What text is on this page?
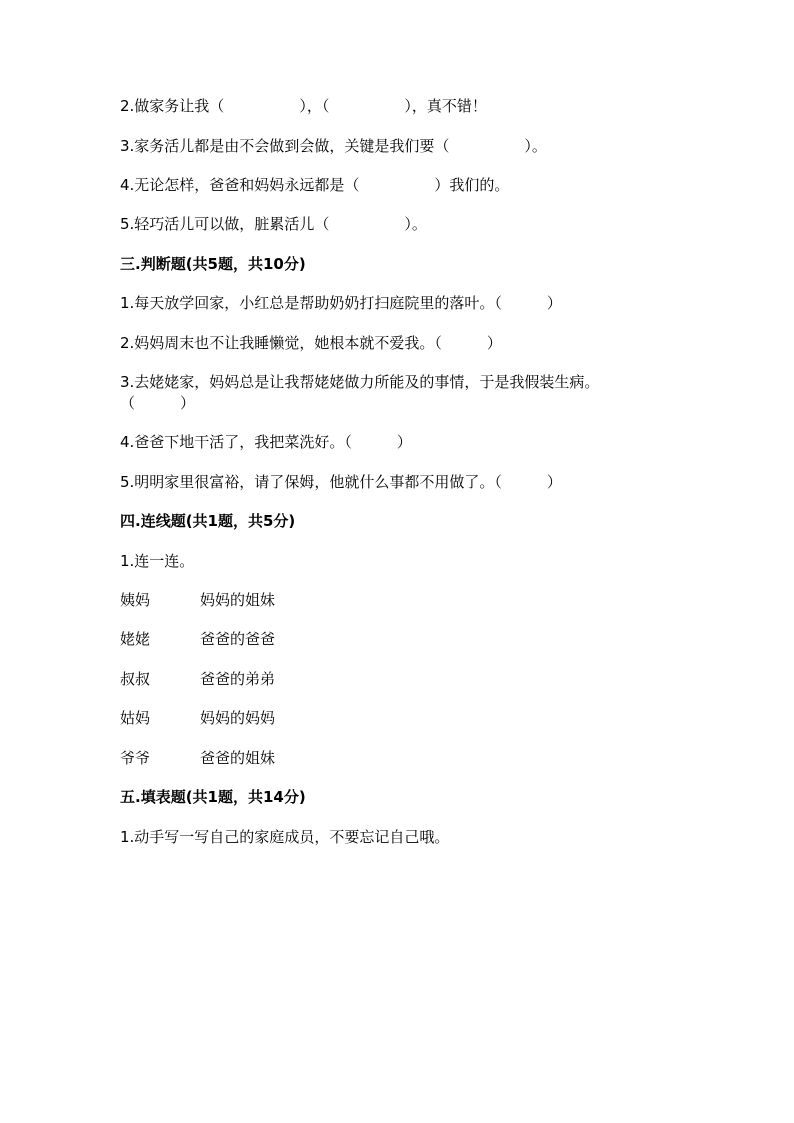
2.做家务让我（　　　　　），（　　　　　），真不错！
3.家务活儿都是由不会做到会做，关键是我们要（　　　　　）。
4.无论怎样，爸爸和妈妈永远都是（　　　　　）我们的。
5.轻巧活儿可以做，脏累活儿（　　　　　）。
三.判断题(共5题，共10分)
1.每天放学回家，小红总是帮助奶奶打扫庭院里的落叶。（　　　）
2.妈妈周末也不让我睡懒觉，她根本就不爱我。（　　　）
3.去姥姥家，妈妈总是让我帮姥姥做力所能及的事情，于是我假装生病。
（　　　）
4.爸爸下地干活了，我把菜洗好。（　　　）
5.明明家里很富裕，请了保姆，他就什么事都不用做了。（　　　）
四.连线题(共1题，共5分)
1.连一连。
姨妈	妈妈的姐妹
姥姥	爸爸的爸爸
叔叔	爸爸的弟弟
姑妈	妈妈的妈妈
爷爷	爸爸的姐妹
五.填表题(共1题，共14分)
1.动手写一写自己的家庭成员，不要忘记自己哦。
